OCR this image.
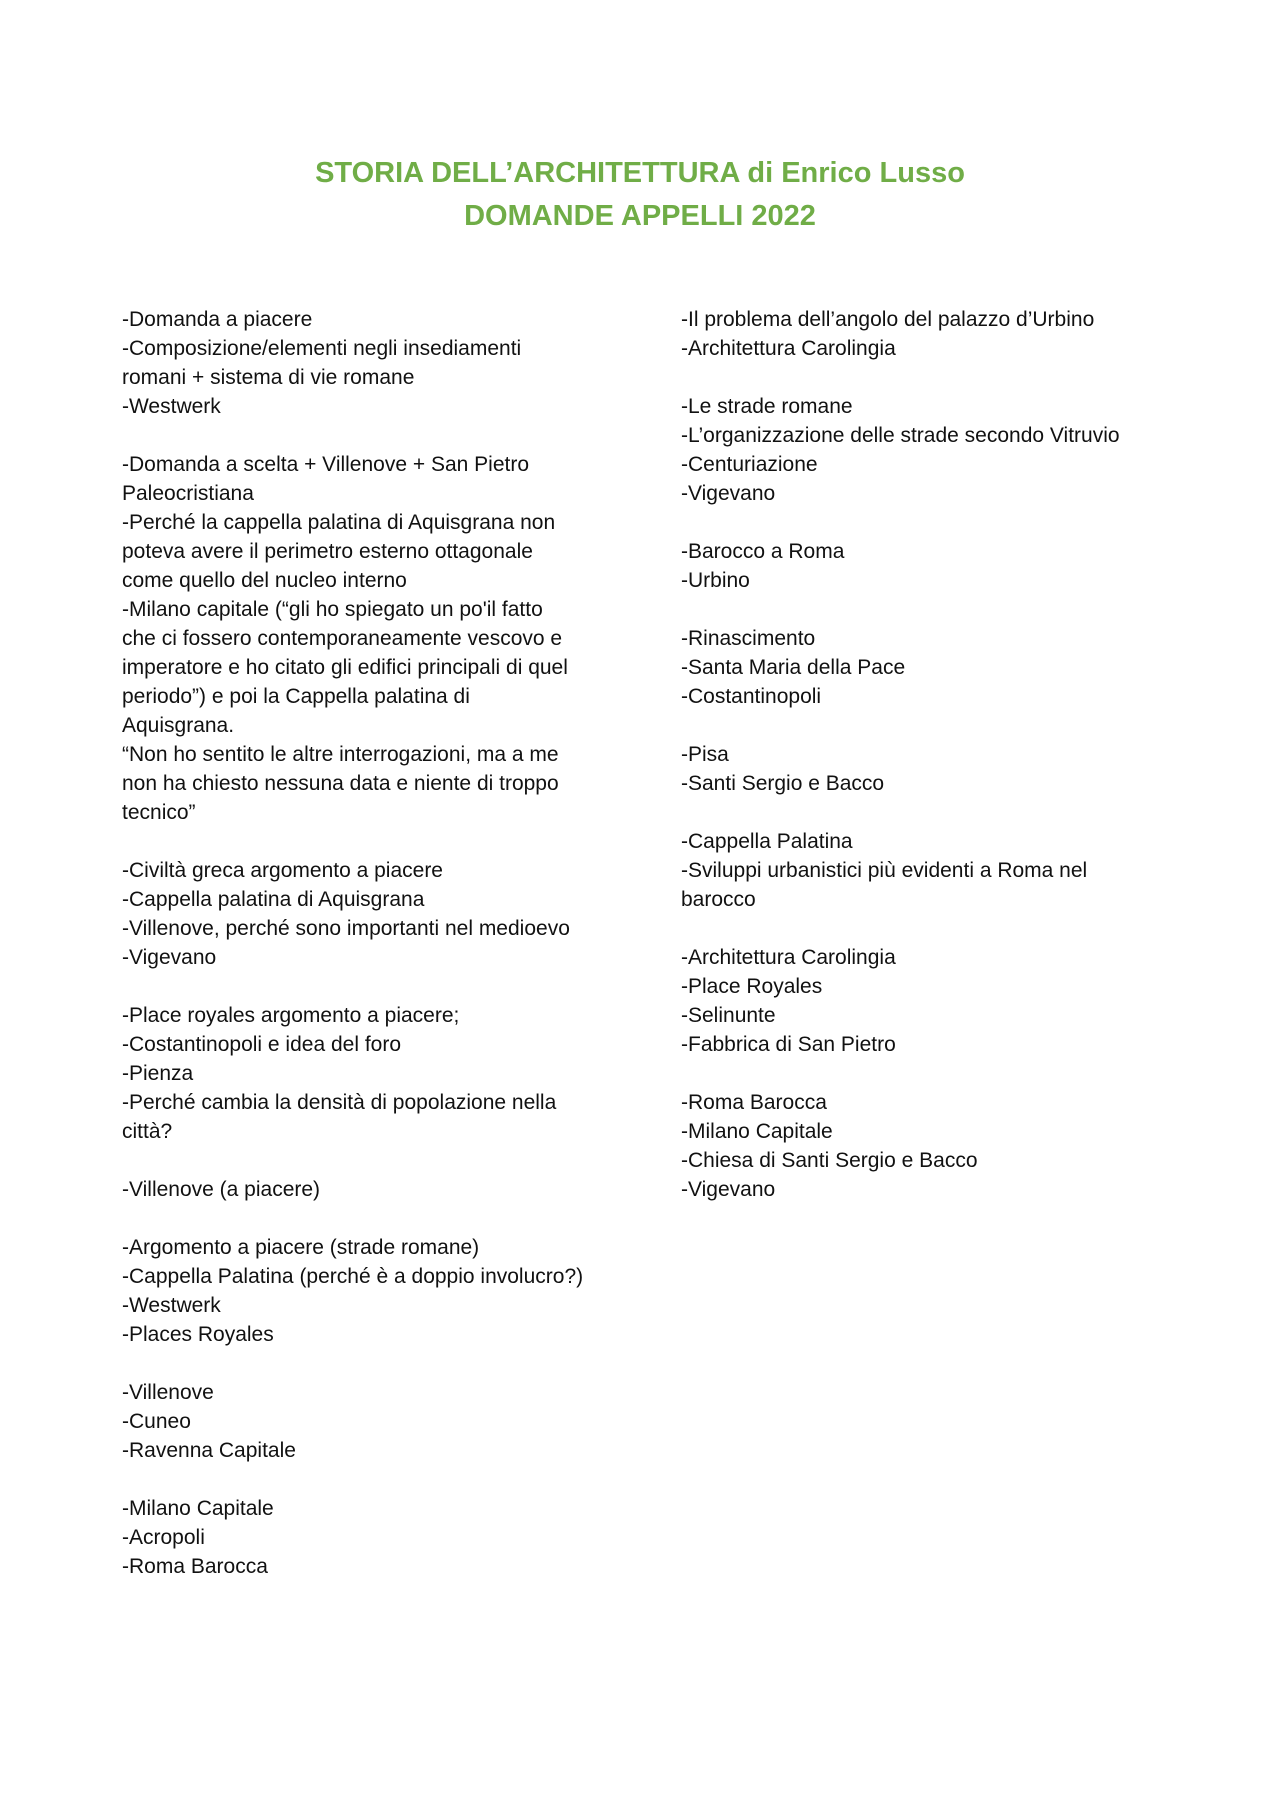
STORIA DELL’ARCHITETTURA di Enrico Lusso
DOMANDE APPELLI 2022
-Domanda a piacere
-Composizione/elementi negli insediamenti
romani + sistema di vie romane
-Westwerk
-Domanda a scelta + Villenove + San Pietro
Paleocristiana
-Perché la cappella palatina di Aquisgrana non
poteva avere il perimetro esterno ottagonale
come quello del nucleo interno
-Milano capitale (“gli ho spiegato un po'il fatto
che ci fossero contemporaneamente vescovo e
imperatore e ho citato gli edifici principali di quel
periodo”) e poi la Cappella palatina di
Aquisgrana.
“Non ho sentito le altre interrogazioni, ma a me
non ha chiesto nessuna data e niente di troppo
tecnico”
-Civiltà greca argomento a piacere
-Cappella palatina di Aquisgrana
-Villenove, perché sono importanti nel medioevo
-Vigevano
-Place royales argomento a piacere;
-Costantinopoli e idea del foro
-Pienza
-Perché cambia la densità di popolazione nella
città?
-Villenove (a piacere)
-Argomento a piacere (strade romane)
-Cappella Palatina (perché è a doppio involucro?)
-Westwerk
-Places Royales
-Villenove
-Cuneo
-Ravenna Capitale
-Milano Capitale
-Acropoli
-Roma Barocca
-Il problema dell’angolo del palazzo d’Urbino
-Architettura Carolingia
-Le strade romane
-L’organizzazione delle strade secondo Vitruvio
-Centuriazione
-Vigevano
-Barocco a Roma
-Urbino
-Rinascimento
-Santa Maria della Pace
-Costantinopoli
-Pisa
-Santi Sergio e Bacco
-Cappella Palatina
-Sviluppi urbanistici più evidenti a Roma nel
barocco
-Architettura Carolingia
-Place Royales
-Selinunte
-Fabbrica di San Pietro
-Roma Barocca
-Milano Capitale
-Chiesa di Santi Sergio e Bacco
-Vigevano
